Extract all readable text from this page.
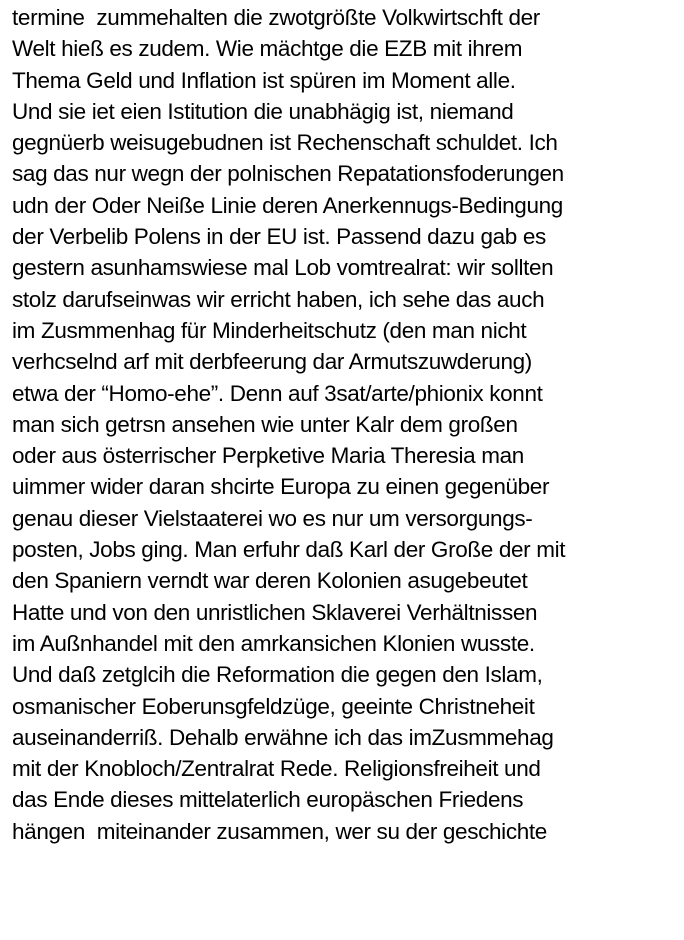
termine  zummehalten die zwotgrößte Volkwirtschft der
Welt hieß es zudem. Wie mächtge die EZB mit ihrem
Thema Geld und Inflation ist spüren im Moment alle.
Und sie iet eien Istitution die unabhägig ist, niemand
gegnüerb weisugebudnen ist Rechenschaft schuldet. Ich
sag das nur wegn der polnischen Repatationsfoderungen
udn der Oder Neiße Linie deren Anerkennugs-Bedingung
der Verbelib Polens in der EU ist. Passend dazu gab es
gestern asunhamswiese mal Lob vomtrealrat: wir sollten
stolz darufseinwas wir erricht haben, ich sehe das auch
im Zusmmenhag für Minderheitschutz (den man nicht
verhcselnd arf mit derbfeerung dar Armutszuwderung)
etwa der “Homo-ehe”. Denn auf 3sat/arte/phionix konnt
man sich getrsn ansehen wie unter Kalr dem großen
oder aus österrischer Perpketive Maria Theresia man
uimmer wider daran shcirte Europa zu einen gegenüber
genau dieser Vielstaaterei wo es nur um versorgungs-
posten, Jobs ging. Man erfuhr daß Karl der Große der mit
den Spaniern verndt war deren Kolonien asugebeutet
Hatte und von den unristlichen Sklaverei Verhältnissen
im Außnhandel mit den amrkansichen Klonien wusste.
Und daß zetglcih die Reformation die gegen den Islam,
osmanischer Eoberunsgfeldzüge, geeinte Christneheit
auseinanderriß. Dehalb erwähne ich das imZusmmehag
mit der Knobloch/Zentralrat Rede. Religionsfreiheit und
das Ende dieses mittelaterlich europäschen Friedens
hängen  miteinander zusammen, wer su der geschichte
